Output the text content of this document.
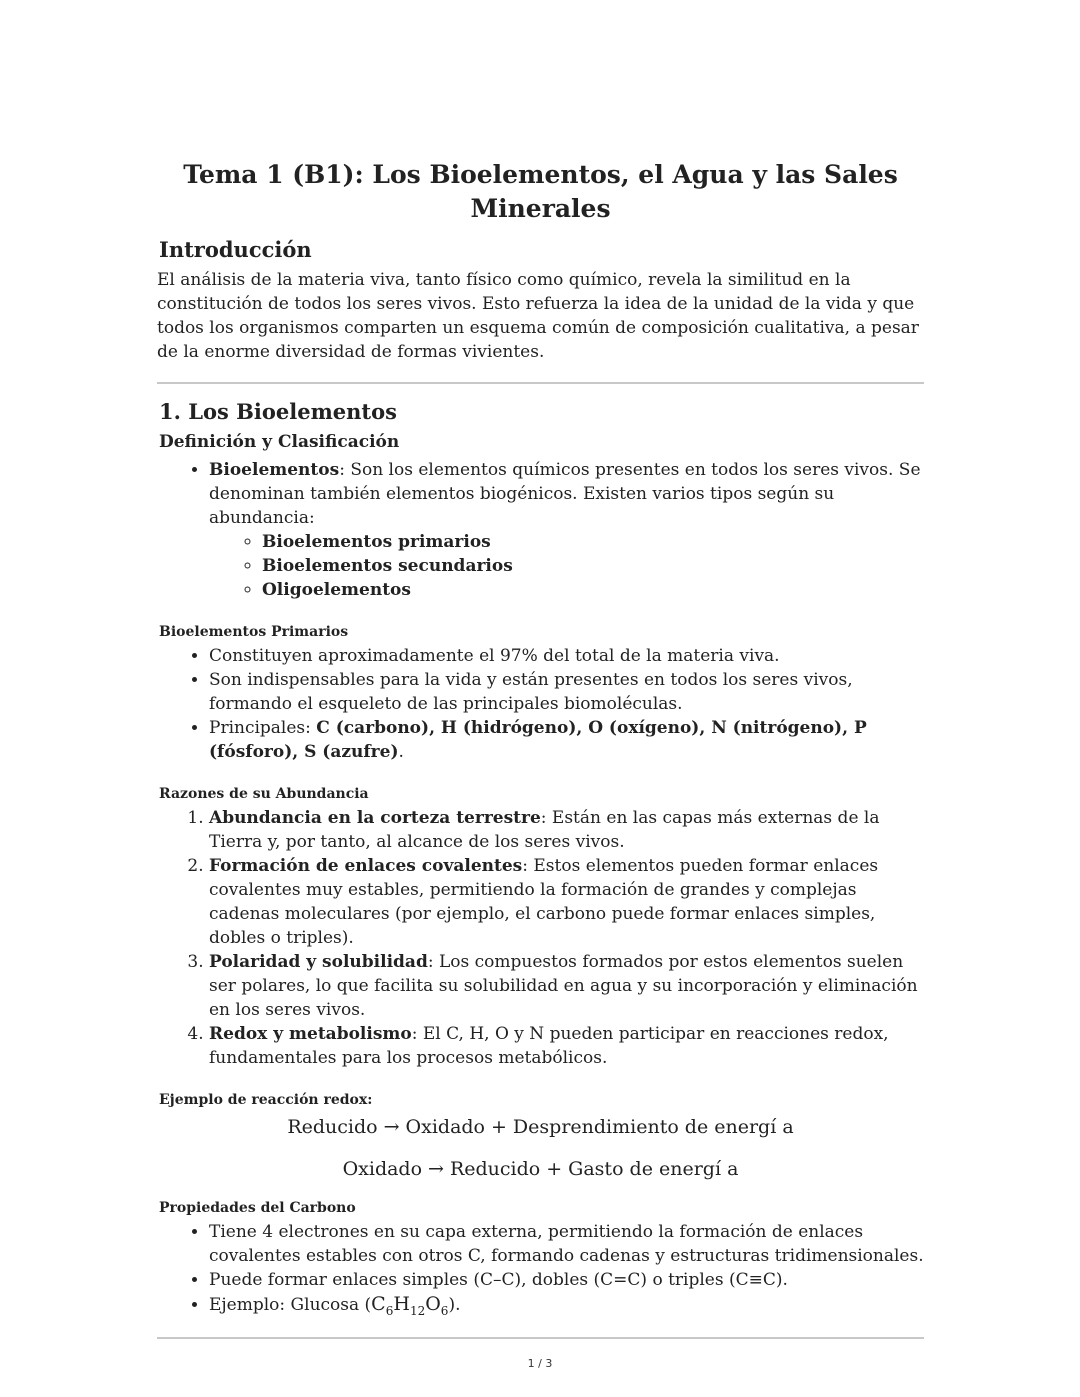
Tema 1 (B1): Los Bioelementos, el Agua y las Sales Minerales
Introducción

El análisis de la materia viva, tanto físico como químico, revela la similitud en la constitución de todos los seres vivos. Esto refuerza la idea de la unidad de la vida y que todos los organismos comparten un esquema común de composición cualitativa, a pesar de la enorme diversidad de formas vivientes.

1. Los Bioelementos
Definición y Clasificación
• Bioelementos: Son los elementos químicos presentes en todos los seres vivos. Se denominan también elementos biogénicos. Existen varios tipos según su abundancia:
◦ Bioelementos primarios
◦ Bioelementos secundarios
◦ Oligoelementos
Bioelementos Primarios
• Constituyen aproximadamente el 97% del total de la materia viva.
• Son indispensables para la vida y están presentes en todos los seres vivos, formando el esqueleto de las principales biomoléculas.
• Principales: C (carbono), H (hidrógeno), O (oxígeno), N (nitrógeno), P (fósforo), S (azufre).
Razones de su Abundancia
1. Abundancia en la corteza terrestre: Están en las capas más externas de la Tierra y, por tanto, al alcance de los seres vivos.
2. Formación de enlaces covalentes: Estos elementos pueden formar enlaces covalentes muy estables, permitiendo la formación de grandes y complejas cadenas moleculares (por ejemplo, el carbono puede formar enlaces simples, dobles o triples).
3. Polaridad y solubilidad: Los compuestos formados por estos elementos suelen ser polares, lo que facilita su solubilidad en agua y su incorporación y eliminación en los seres vivos.
4. Redox y metabolismo: El C, H, O y N pueden participar en reacciones redox, fundamentales para los procesos metabólicos.
Ejemplo de reacción redox:
Reducido → Oxidado + Desprendimiento de energí a
Oxidado → Reducido + Gasto de energí a
Propiedades del Carbono
• Tiene 4 electrones en su capa externa, permitiendo la formación de enlaces covalentes estables con otros C, formando cadenas y estructuras tridimensionales.
• Puede formar enlaces simples (C–C), dobles (C=C) o triples (C≡C).
• Ejemplo: Glucosa $(C_6H_{12}O_6)$.
1 / 3
